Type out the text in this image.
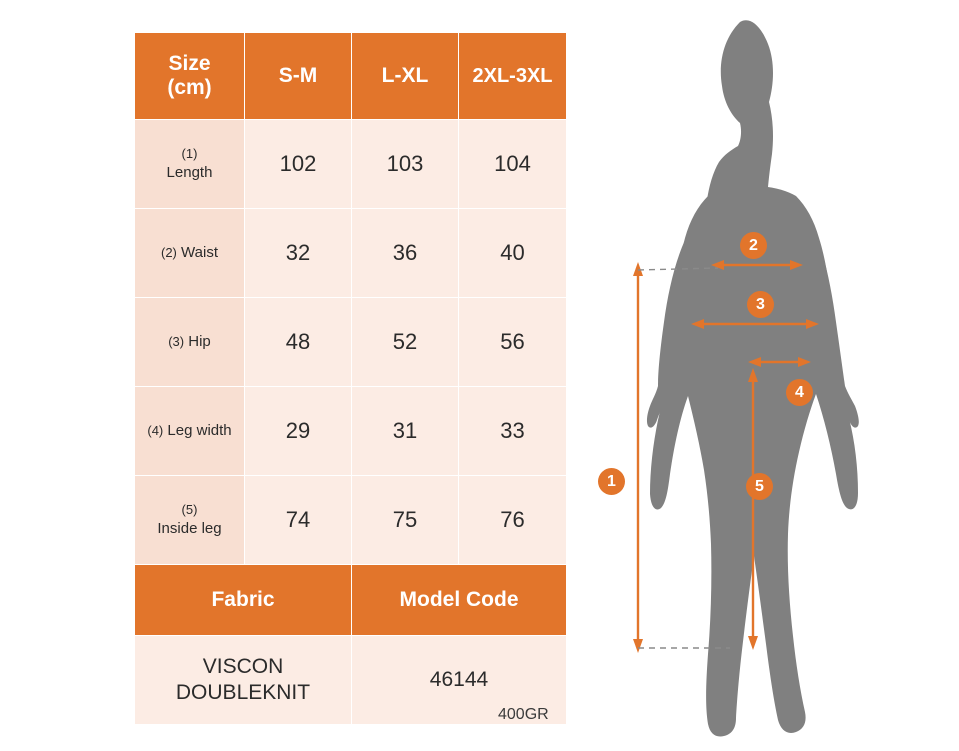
Size
(cm)	S-M	L-XL	2XL-3XL
(1)
Length	102	103	104
(2) Waist	32	36	40
(3) Hip	48	52	56
(4) Leg width	29	31	33
(5)
Inside leg	74	75	76
Fabric		Model Code	
VISCON DOUBLEKNIT		46144	
400GR
1
2
3
4
5
